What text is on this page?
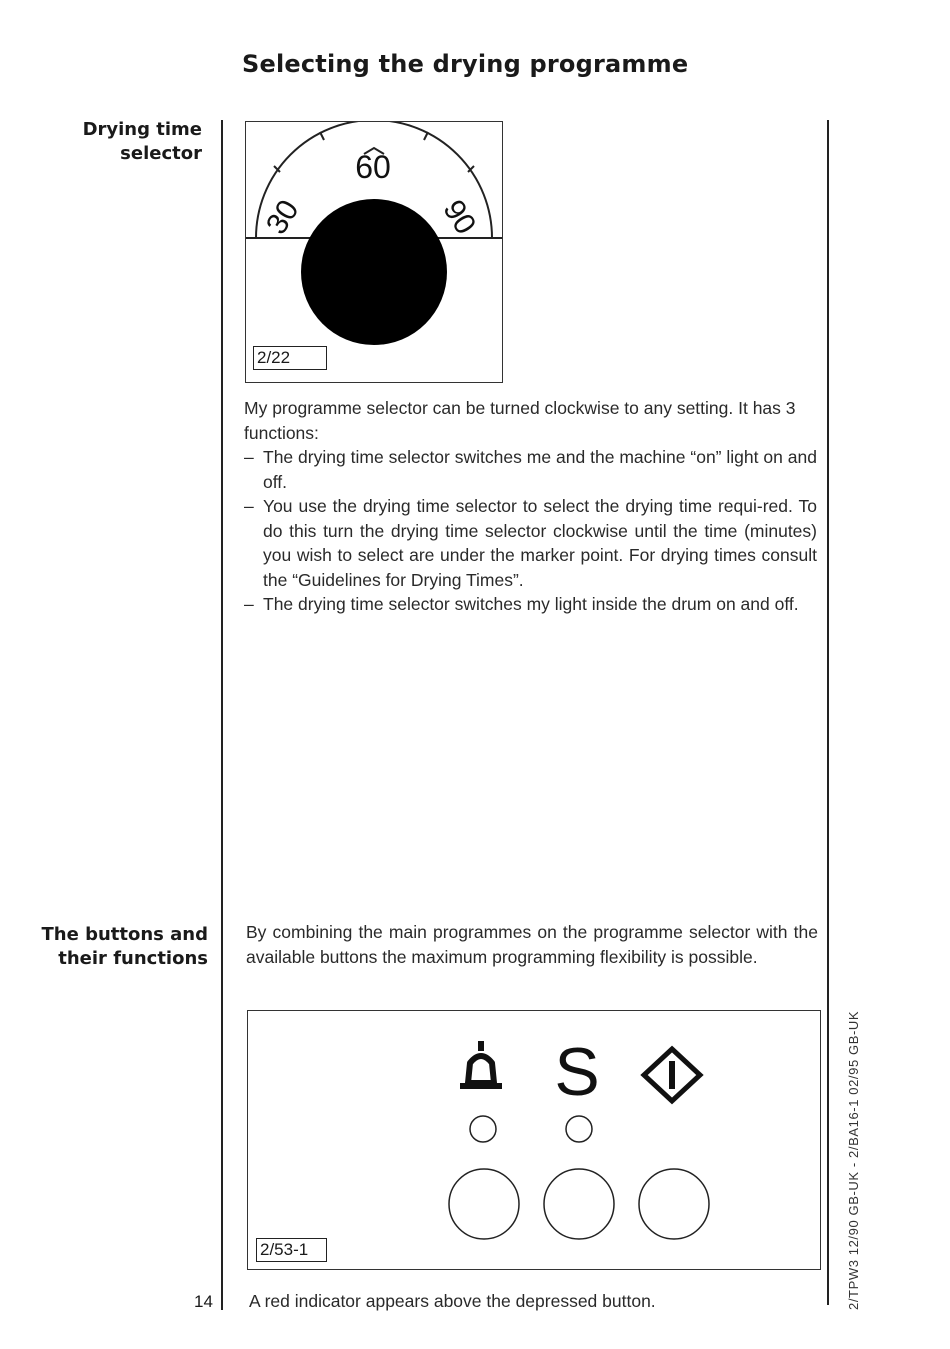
Selecting the drying programme
Drying time
selector	60
30	90
2/22

My programme selector can be turned clockwise to any setting. It has 3 functions:

– The drying time selector switches me and the machine “on” light on and off.
– You use the drying time selector to select the drying time requi-red. To do this turn the drying time selector clockwise until the time (minutes) you wish to select are under the marker point. For drying times consult the “Guidelines for Drying Times”.
– The drying time selector switches my light inside the drum on and off.
The buttons and
their functions
By combining the main programmes on the programme selector with the available buttons the maximum programming flexibility is possible.
S
2/53-1
A red indicator appears above the depressed button.
14	2/TPW3 12/90 GB-UK - 2/BA16-1 02/95 GB-UK
